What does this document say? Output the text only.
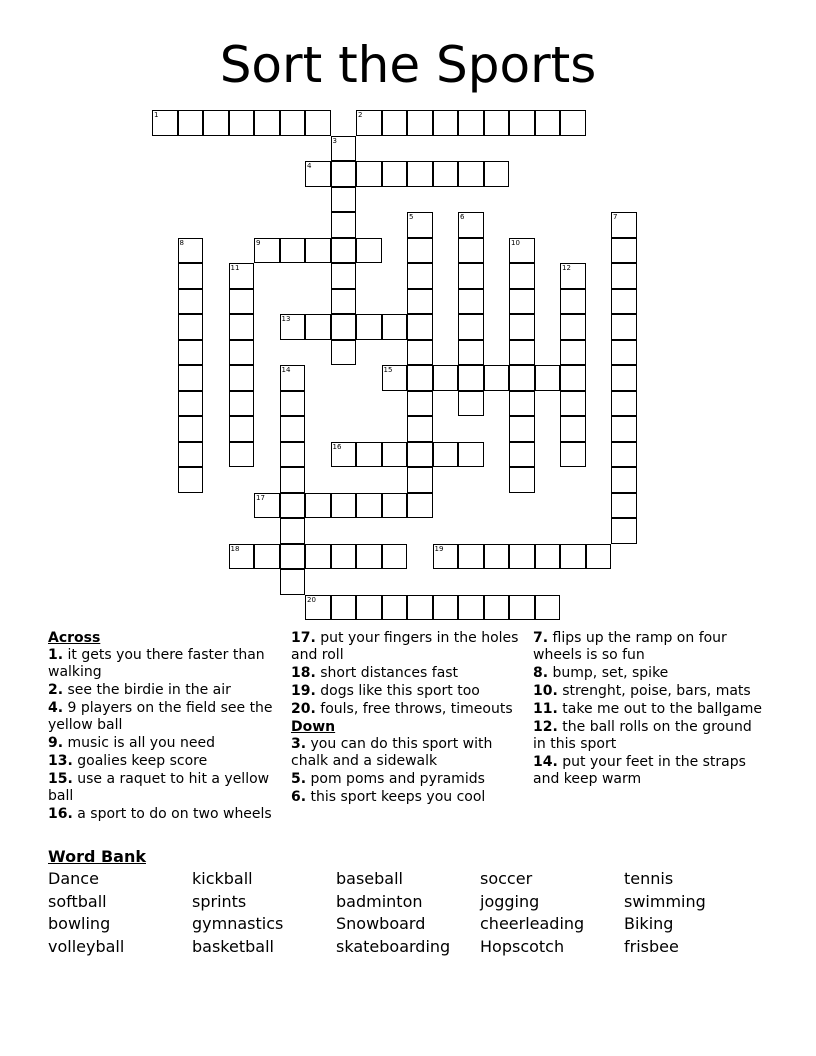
Sort the Sports
1	2
3
4
5	6	7
8	9	10
11	12
13
14	15
16
17
18	19
20
Across
1. it gets you there faster than walking
2. see the birdie in the air
4. 9 players on the field see the yellow ball
9. music is all you need
13. goalies keep score
15. use a raquet to hit a yellow ball
16. a sport to do on two wheels
17. put your fingers in the holes and roll
18. short distances fast
19. dogs like this sport too
20. fouls, free throws, timeouts
Down
3. you can do this sport with chalk and a sidewalk
5. pom poms and pyramids
6. this sport keeps you cool
7. flips up the ramp on four wheels is so fun
8. bump, set, spike
10. strenght, poise, bars, mats
11. take me out to the ballgame
12. the ball rolls on the ground in this sport
14. put your feet in the straps and keep warm
Word Bank
Dance
softball
bowling
volleyball
kickball
sprints
gymnastics
basketball
baseball
badminton
Snowboard
skateboarding
soccer
jogging
cheerleading
Hopscotch
tennis
swimming
Biking
frisbee
